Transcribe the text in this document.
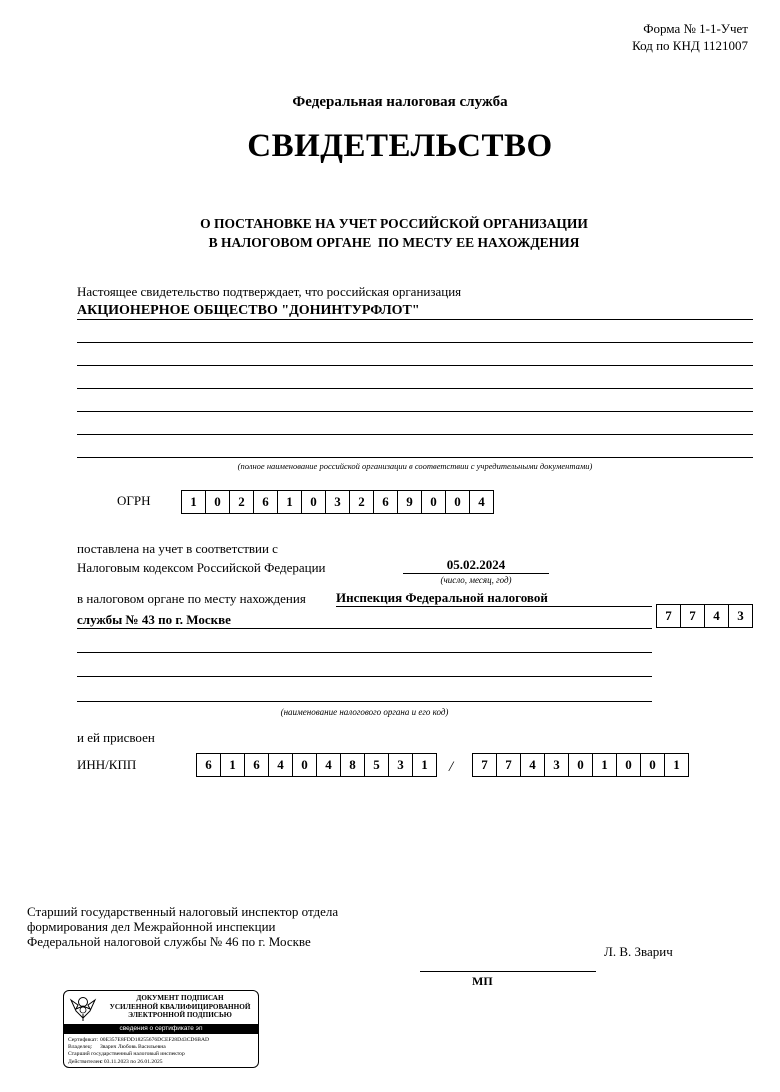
Форма № 1-1-Учет
Код по КНД 1121007
Федеральная налоговая служба
СВИДЕТЕЛЬСТВО
О ПОСТАНОВКЕ НА УЧЕТ РОССИЙСКОЙ ОРГАНИЗАЦИИ
В НАЛОГОВОМ ОРГАНЕ  ПО МЕСТУ ЕЕ НАХОЖДЕНИЯ
Настоящее свидетельство подтверждает, что российская организация
АКЦИОНЕРНОЕ ОБЩЕСТВО "ДОНИНТУРФЛОТ"
(полное наименование российской организации в соответствии с учредительными документами)
ОГРН	1	0	2	6	1	0	3	2	6	9	0	0	4
поставлена на учет в соответствии с
Налоговым кодексом Российской Федерации	05.02.2024
(число, месяц, год)
в налоговом органе по месту нахождения Инспекция Федеральной налоговой
службы № 43 по г. Москве	7	7	4	3
(наименование налогового органа и его код)
и ей присвоен
ИНН/КПП	6	1	6	4	0	4	8	5	3	1	/	7	7	4	3	0	1	0	0	1
Старший государственный налоговый инспектор отдела
формирования дел Межрайонной инспекции
Федеральной налоговой службы № 46 по г. Москве
Л. В. Зварич
МП
ДОКУМЕНТ ПОДПИСАН
УСИЛЕННОЙ КВАЛИФИЦИРОВАННОЙ
ЭЛЕКТРОННОЙ ПОДПИСЬЮ
сведения о сертификате эп
Сертификат: 00E357E8FDD18255676DCEF28D43CD6BAD
Владелец: Зварич Любовь Васильевна
Старший государственный налоговый инспектор
Действителен:с 03.11.2023 по 26.01.2025
